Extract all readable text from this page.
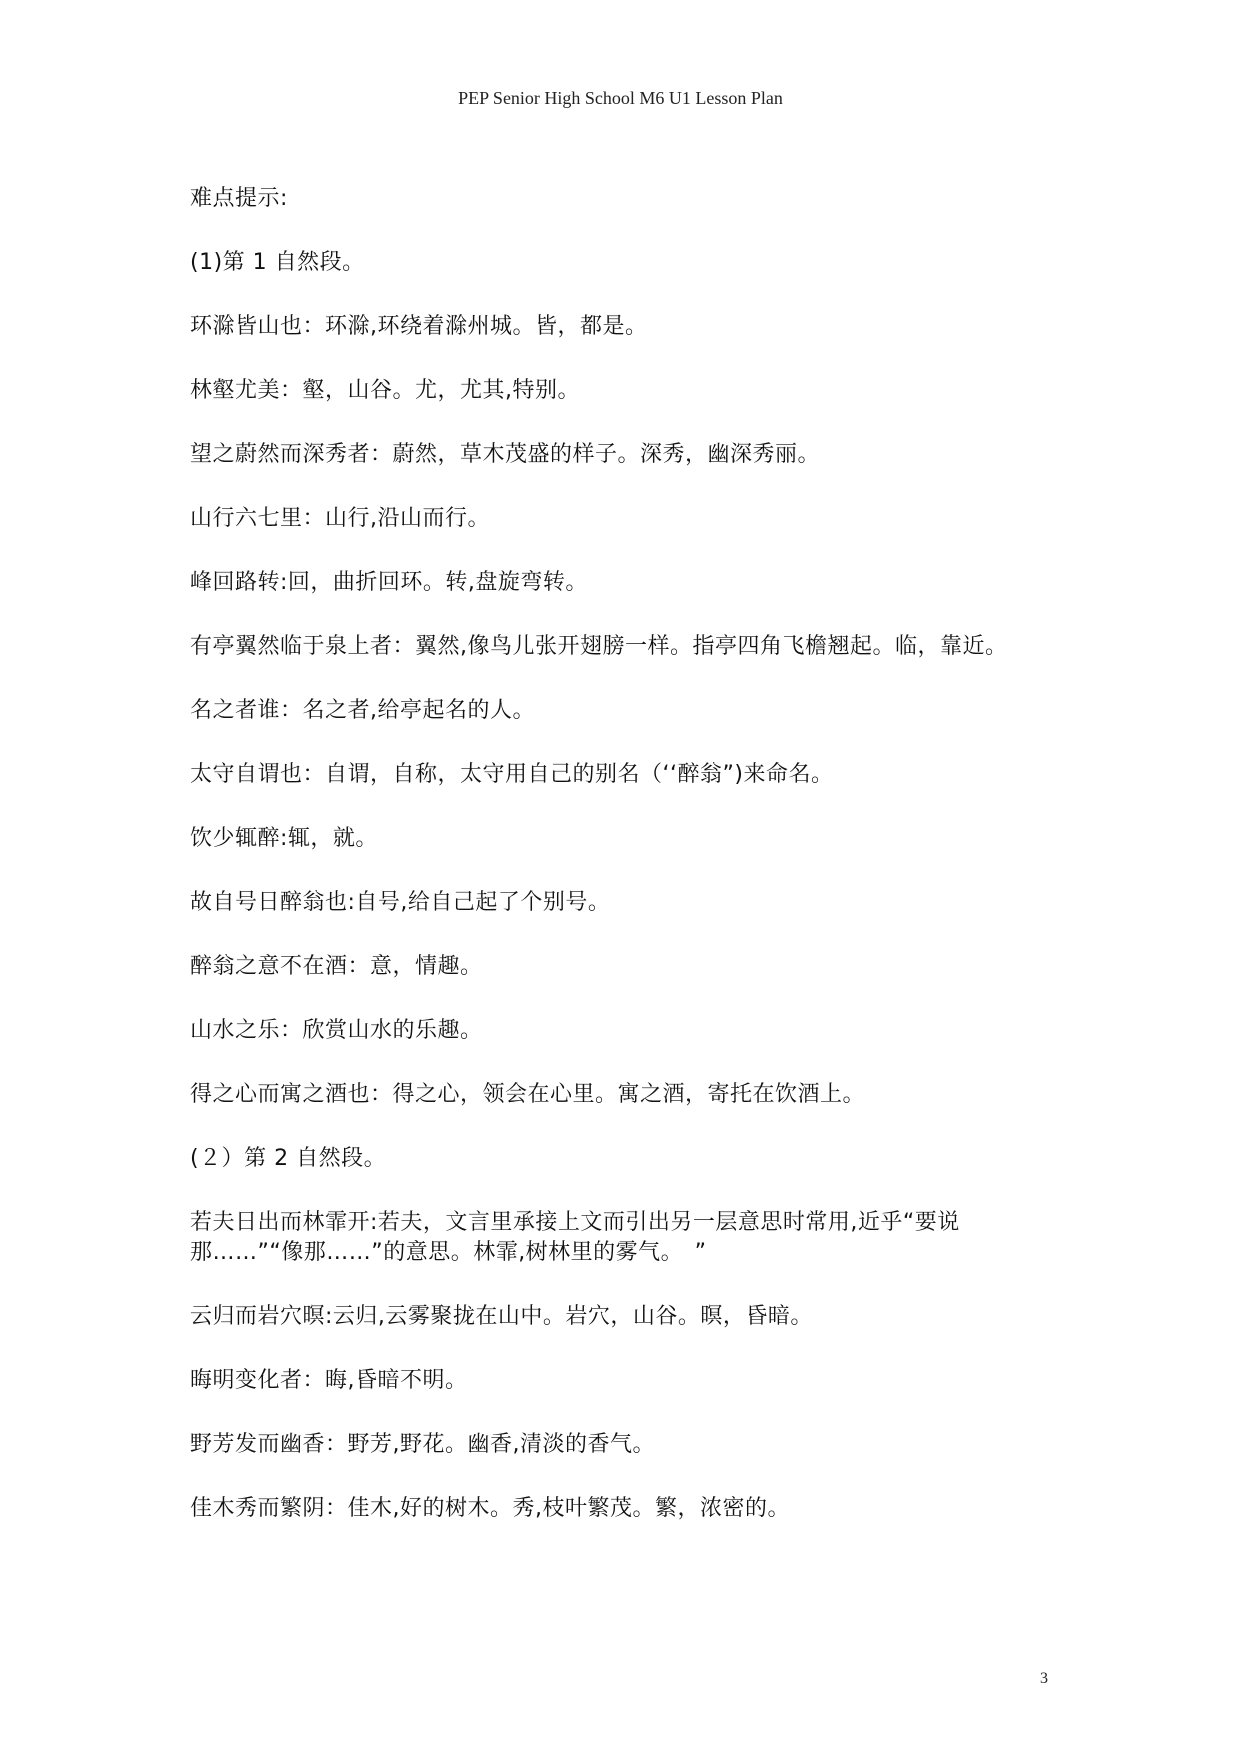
PEP Senior High School M6 U1 Lesson Plan

难点提示:

(1)第 1 自然段。

环滁皆山也：环滁,环绕着滁州城。皆，都是。

林壑尤美：壑，山谷。尤，尤其,特别。

望之蔚然而深秀者：蔚然，草木茂盛的样子。深秀，幽深秀丽。

山行六七里：山行,沿山而行。

峰回路转:回，曲折回环。转,盘旋弯转。

有亭翼然临于泉上者：翼然,像鸟儿张开翅膀一样。指亭四角飞檐翘起。临，靠近。

名之者谁：名之者,给亭起名的人。

太守自谓也：自谓，自称，太守用自己的别名（‘‘醉翁”)来命名。

饮少辄醉:辄，就。

故自号日醉翁也:自号,给自己起了个别号。

醉翁之意不在酒：意，情趣。

山水之乐：欣赏山水的乐趣。

得之心而寓之酒也：得之心，领会在心里。寓之酒，寄托在饮酒上。

(２）第 2 自然段。

若夫日出而林霏开:若夫，文言里承接上文而引出另一层意思时常用,近乎“要说那……”“像那……”的意思。林霏,树林里的雾气。　”

云归而岩穴暝:云归,云雾聚拢在山中。岩穴，山谷。暝，昏暗。

晦明变化者：晦,昏暗不明。

野芳发而幽香：野芳,野花。幽香,清淡的香气。

佳木秀而繁阴：佳木,好的树木。秀,枝叶繁茂。繁，浓密的。

3
